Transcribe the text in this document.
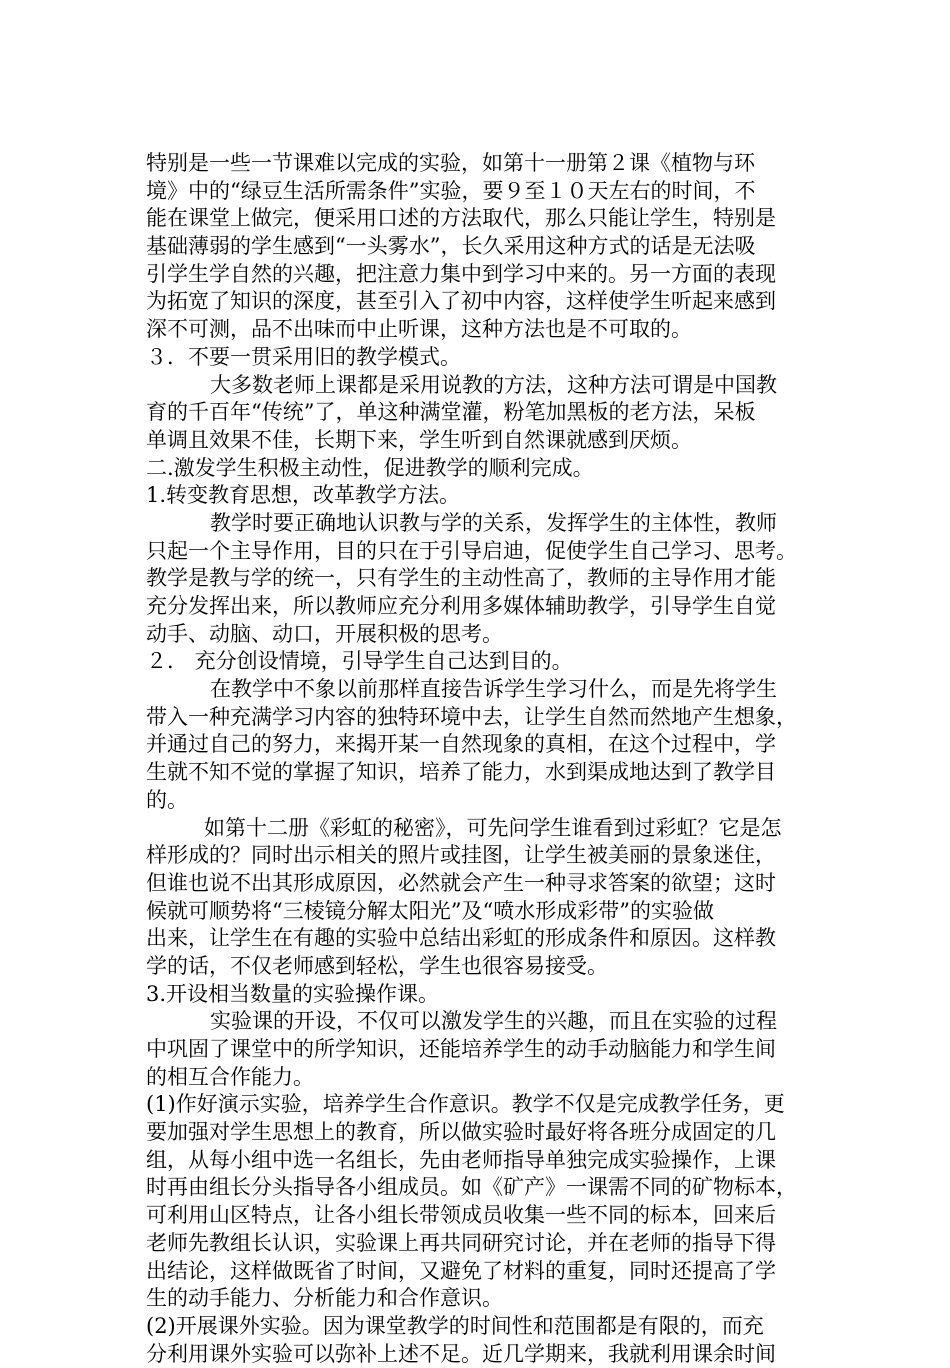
特别是一些一节课难以完成的实验，如第十一册第２课《植物与环
境》中的“绿豆生活所需条件”实验，要９至１０天左右的时间，不
能在课堂上做完，便采用口述的方法取代，那么只能让学生，特别是
基础薄弱的学生感到“一头雾水”，长久采用这种方式的话是无法吸
引学生学自然的兴趣，把注意力集中到学习中来的。另一方面的表现
为拓宽了知识的深度，甚至引入了初中内容，这样使学生听起来感到
深不可测，品不出味而中止听课，这种方法也是不可取的。
３．不要一贯采用旧的教学模式。
大多数老师上课都是采用说教的方法，这种方法可谓是中国教
育的千百年“传统”了，单这种满堂灌，粉笔加黑板的老方法，呆板
单调且效果不佳，长期下来，学生听到自然课就感到厌烦。
二.激发学生积极主动性，促进教学的顺利完成。
1.转变教育思想，改革教学方法。
教学时要正确地认识教与学的关系，发挥学生的主体性，教师
只起一个主导作用，目的只在于引导启迪，促使学生自己学习、思考。
教学是教与学的统一，只有学生的主动性高了，教师的主导作用才能
充分发挥出来，所以教师应充分利用多媒体辅助教学，引导学生自觉
动手、动脑、动口，开展积极的思考。
２． 充分创设情境，引导学生自己达到目的。
在教学中不象以前那样直接告诉学生学习什么，而是先将学生
带入一种充满学习内容的独特环境中去，让学生自然而然地产生想象，
并通过自己的努力，来揭开某一自然现象的真相，在这个过程中，学
生就不知不觉的掌握了知识，培养了能力，水到渠成地达到了教学目
的。
如第十二册《彩虹的秘密》，可先问学生谁看到过彩虹？它是怎
样形成的？同时出示相关的照片或挂图，让学生被美丽的景象迷住，
但谁也说不出其形成原因，必然就会产生一种寻求答案的欲望；这时
候就可顺势将“三棱镜分解太阳光”及“喷水形成彩带”的实验做
出来，让学生在有趣的实验中总结出彩虹的形成条件和原因。这样教
学的话，不仅老师感到轻松，学生也很容易接受。
3.开设相当数量的实验操作课。
实验课的开设，不仅可以激发学生的兴趣，而且在实验的过程
中巩固了课堂中的所学知识，还能培养学生的动手动脑能力和学生间
的相互合作能力。
(1)作好演示实验，培养学生合作意识。教学不仅是完成教学任务，更
要加强对学生思想上的教育，所以做实验时最好将各班分成固定的几
组，从每小组中选一名组长，先由老师指导单独完成实验操作，上课
时再由组长分头指导各小组成员。如《矿产》一课需不同的矿物标本，
可利用山区特点，让各小组长带领成员收集一些不同的标本，回来后
老师先教组长认识，实验课上再共同研究讨论，并在老师的指导下得
出结论，这样做既省了时间，又避免了材料的重复，同时还提高了学
生的动手能力、分析能力和合作意识。
(2)开展课外实验。因为课堂教学的时间性和范围都是有限的，而充
分利用课外实验可以弥补上述不足。近几学期来，我就利用课余时间
